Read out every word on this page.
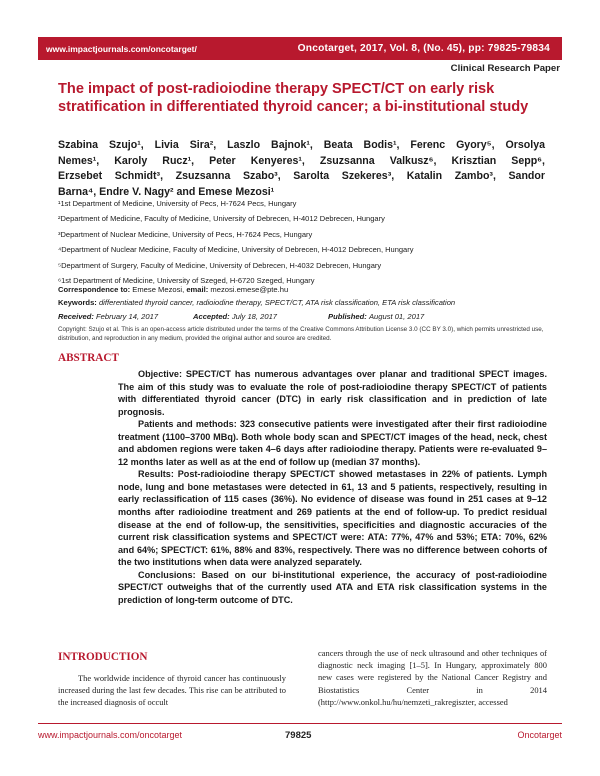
www.impactjournals.com/oncotarget/	Oncotarget, 2017, Vol. 8, (No. 45), pp: 79825-79834
Clinical Research Paper
The impact of post-radioiodine therapy SPECT/CT on early risk stratification in differentiated thyroid cancer; a bi-institutional study

Szabina Szujo¹, Livia Sira², Laszlo Bajnok¹, Beata Bodis¹, Ferenc Gyory⁵, Orsolya

Nemes¹, Karoly Rucz¹, Peter Kenyeres¹, Zsuzsanna Valkusz⁶, Krisztian Sepp⁶,

Erzsebet Schmidt³, Zsuzsanna Szabo³, Sarolta Szekeres³, Katalin Zambo³, Sandor

Barna⁴, Endre V. Nagy² and Emese Mezosi¹

¹1st Department of Medicine, University of Pecs, H-7624 Pecs, Hungary
²Department of Medicine, Faculty of Medicine, University of Debrecen, H-4012 Debrecen, Hungary
³Department of Nuclear Medicine, University of Pecs, H-7624 Pecs, Hungary
⁴Department of Nuclear Medicine, Faculty of Medicine, University of Debrecen, H-4012 Debrecen, Hungary
⁵Department of Surgery, Faculty of Medicine, University of Debrecen, H-4032 Debrecen, Hungary
⁶1st Department of Medicine, University of Szeged, H-6720 Szeged, Hungary
Correspondence to: Emese Mezosi, email: mezosi.emese@pte.hu
Keywords: differentiated thyroid cancer, radioiodine therapy, SPECT/CT, ATA risk classification, ETA risk classification
Received: February 14, 2017	Accepted: July 18, 2017	Published: August 01, 2017

Copyright: Szujo et al. This is an open-access article distributed under the terms of the Creative Commons Attribution License 3.0 (CC BY 3.0), which permits unrestricted use, distribution, and reproduction in any medium, provided the original author and source are credited.

ABSTRACT

Objective: SPECT/CT has numerous advantages over planar and traditional SPECT images. The aim of this study was to evaluate the role of post-radioiodine therapy SPECT/CT of patients with differentiated thyroid cancer (DTC) in early risk classification and in prediction of late prognosis.

Patients and methods: 323 consecutive patients were investigated after their first radioiodine treatment (1100–3700 MBq). Both whole body scan and SPECT/CT images of the head, neck, chest and abdomen regions were taken 4–6 days after radioiodine therapy. Patients were re-evaluated 9–12 months later as well as at the end of follow up (median 37 months).

Results: Post-radioiodine therapy SPECT/CT showed metastases in 22% of patients. Lymph node, lung and bone metastases were detected in 61, 13 and 5 patients, respectively, resulting in early reclassification of 115 cases (36%). No evidence of disease was found in 251 cases at 9–12 months after radioiodine treatment and 269 patients at the end of follow-up. To predict residual disease at the end of follow-up, the sensitivities, specificities and diagnostic accuracies of the current risk classification systems and SPECT/CT were: ATA: 77%, 47% and 53%; ETA: 70%, 62% and 64%; SPECT/CT: 61%, 88% and 83%, respectively. There was no difference between cohorts of the two institutions when data were analyzed separately.

Conclusions: Based on our bi-institutional experience, the accuracy of post-radioiodine SPECT/CT outweighs that of the currently used ATA and ETA risk classification systems in the prediction of long-term outcome of DTC.

INTRODUCTION

The worldwide incidence of thyroid cancer has continuously increased during the last few decades. This rise can be attributed to the increased diagnosis of occult

cancers through the use of neck ultrasound and other techniques of diagnostic neck imaging [1–5]. In Hungary, approximately 800 new cases were registered by the National Cancer Registry and Biostatistics Center in 2014 (http://www.onkol.hu/hu/nemzeti_rakregiszter, accessed

www.impactjournals.com/oncotarget	79825	Oncotarget
